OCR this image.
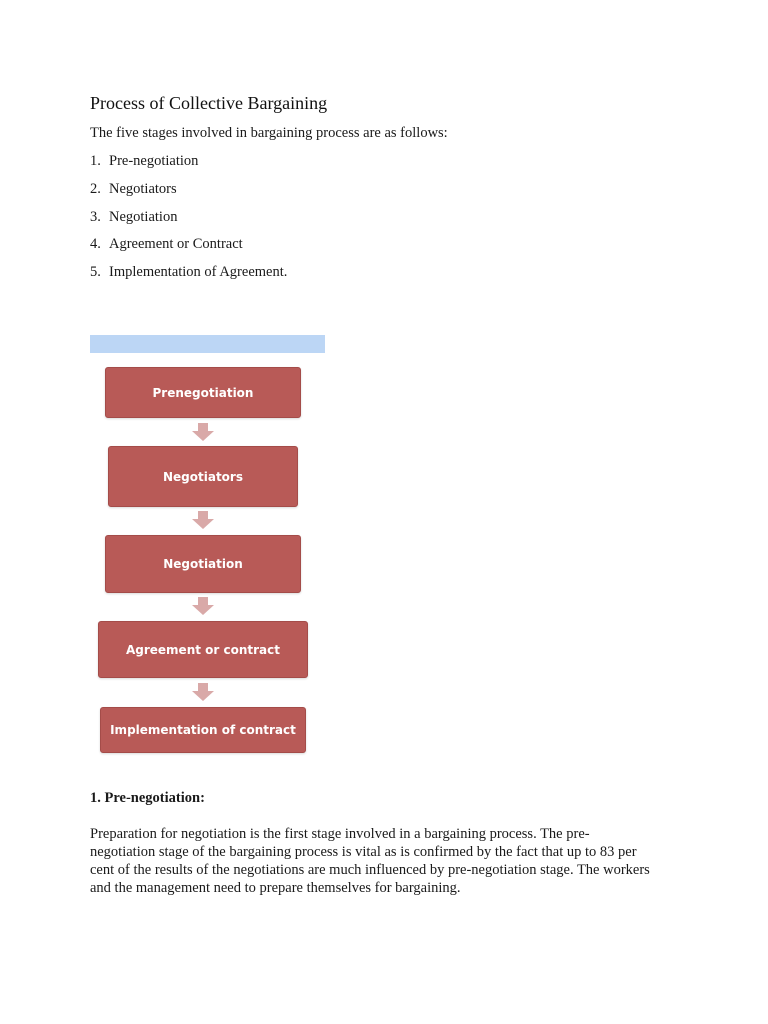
Process of Collective Bargaining

The five stages involved in bargaining process are as follows:

1. Pre-negotiation
2. Negotiators
3. Negotiation
4. Agreement or Contract
5. Implementation of Agreement.
Prenegotiation
Negotiators
Negotiation
Agreement or contract
Implementation of contract

1. Pre-negotiation:

Preparation for negotiation is the first stage involved in a bargaining process. The pre-
negotiation stage of the bargaining process is vital as is confirmed by the fact that up to 83 per
cent of the results of the negotiations are much influenced by pre-negotiation stage. The workers
and the management need to prepare themselves for bargaining.
